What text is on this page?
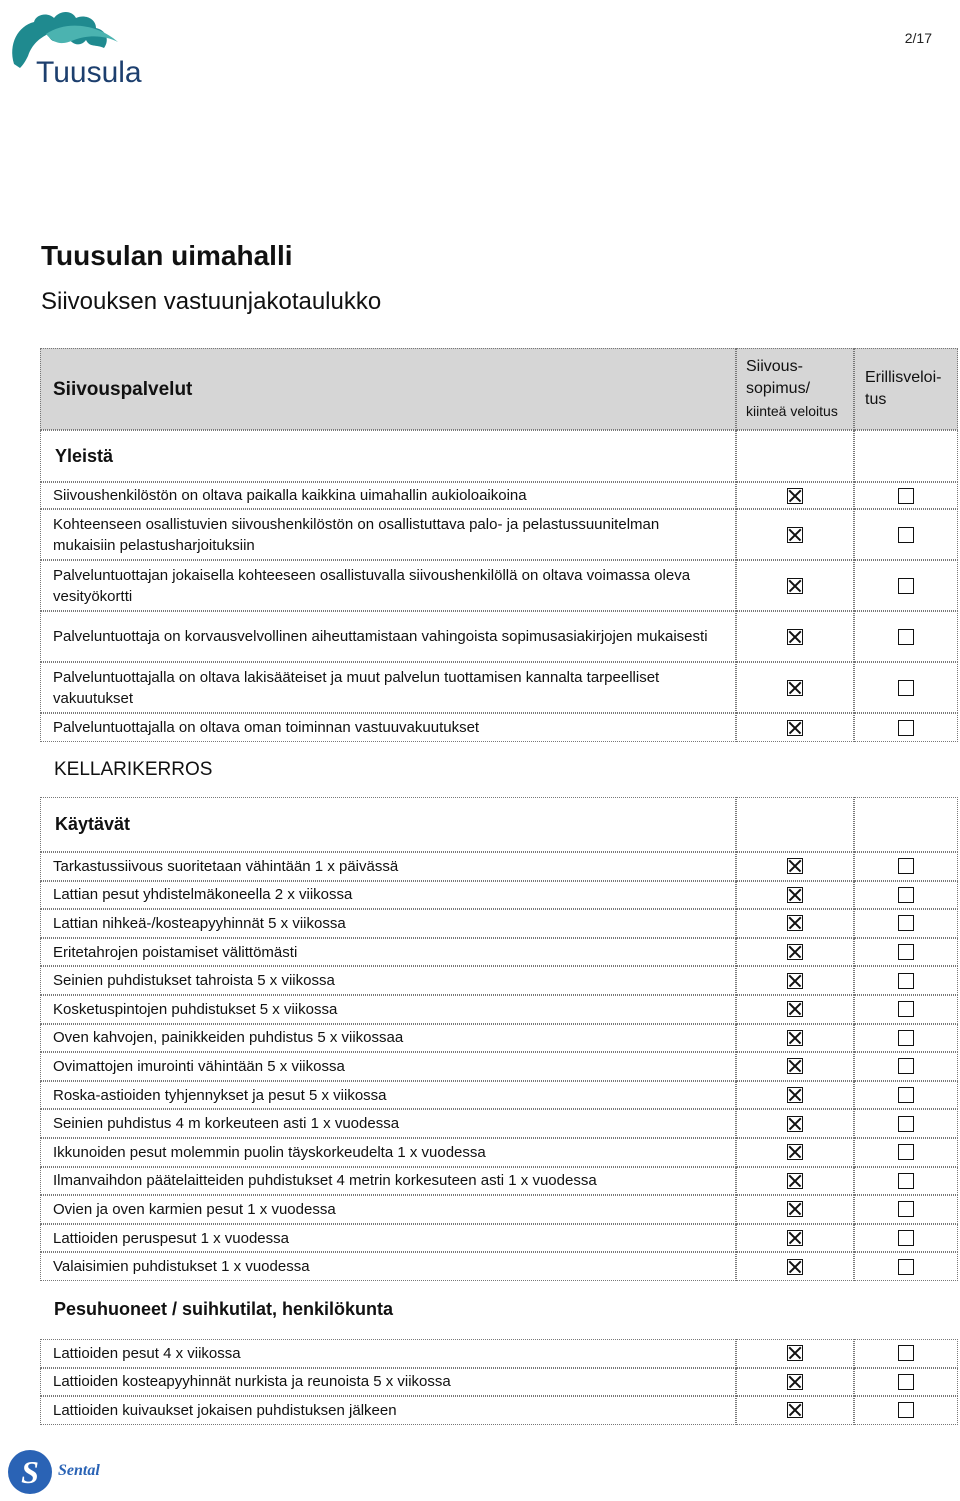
Tuusula
2/17
Tuusulan uimahalli
Siivouksen vastuunjakotaulukko
Siivouspalvelut
Siivous-
sopimus/
kiinteä veloitus
Erillisveloi-tus
Yleistä
Siivoushenkilöstön on oltava paikalla kaikkina uimahallin aukioloaikoina
Kohteenseen osallistuvien siivoushenkilöstön on osallistuttava palo- ja pelastussuunitelman mukaisiin pelastusharjoituksiin
Palveluntuottajan jokaisella kohteeseen osallistuvalla siivoushenkilöllä on oltava voimassa oleva vesityökortti
Palveluntuottaja on korvausvelvollinen aiheuttamistaan vahingoista sopimusasiakirjojen mukaisesti
Palveluntuottajalla on oltava lakisääteiset ja muut palvelun tuottamisen kannalta tarpeelliset vakuutukset
Palveluntuottajalla on oltava oman toiminnan vastuuvakuutukset
KELLARIKERROS
Käytävät
Tarkastussiivous suoritetaan vähintään 1 x päivässä
Lattian pesut yhdistelmäkoneella 2 x viikossa
Lattian nihkeä-/kosteapyyhinnät 5 x viikossa
Eritetahrojen poistamiset välittömästi
Seinien puhdistukset tahroista 5 x viikossa
Kosketuspintojen puhdistukset 5 x viikossa
Oven kahvojen, painikkeiden puhdistus 5 x viikossaa
Ovimattojen imurointi vähintään 5 x viikossa
Roska-astioiden tyhjennykset ja pesut 5 x viikossa
Seinien puhdistus 4 m korkeuteen asti 1 x vuodessa
Ikkunoiden pesut molemmin puolin täyskorkeudelta 1 x vuodessa
Ilmanvaihdon päätelaitteiden puhdistukset 4 metrin korkesuteen asti 1 x vuodessa
Ovien ja oven karmien pesut 1 x vuodessa
Lattioiden peruspesut 1 x vuodessa
Valaisimien puhdistukset 1 x vuodessa
Pesuhuoneet / suihkutilat, henkilökunta
Lattioiden pesut 4 x viikossa
Lattioiden kosteapyyhinnät nurkista ja reunoista 5 x viikossa
Lattioiden kuivaukset jokaisen puhdistuksen jälkeen
S Sental
